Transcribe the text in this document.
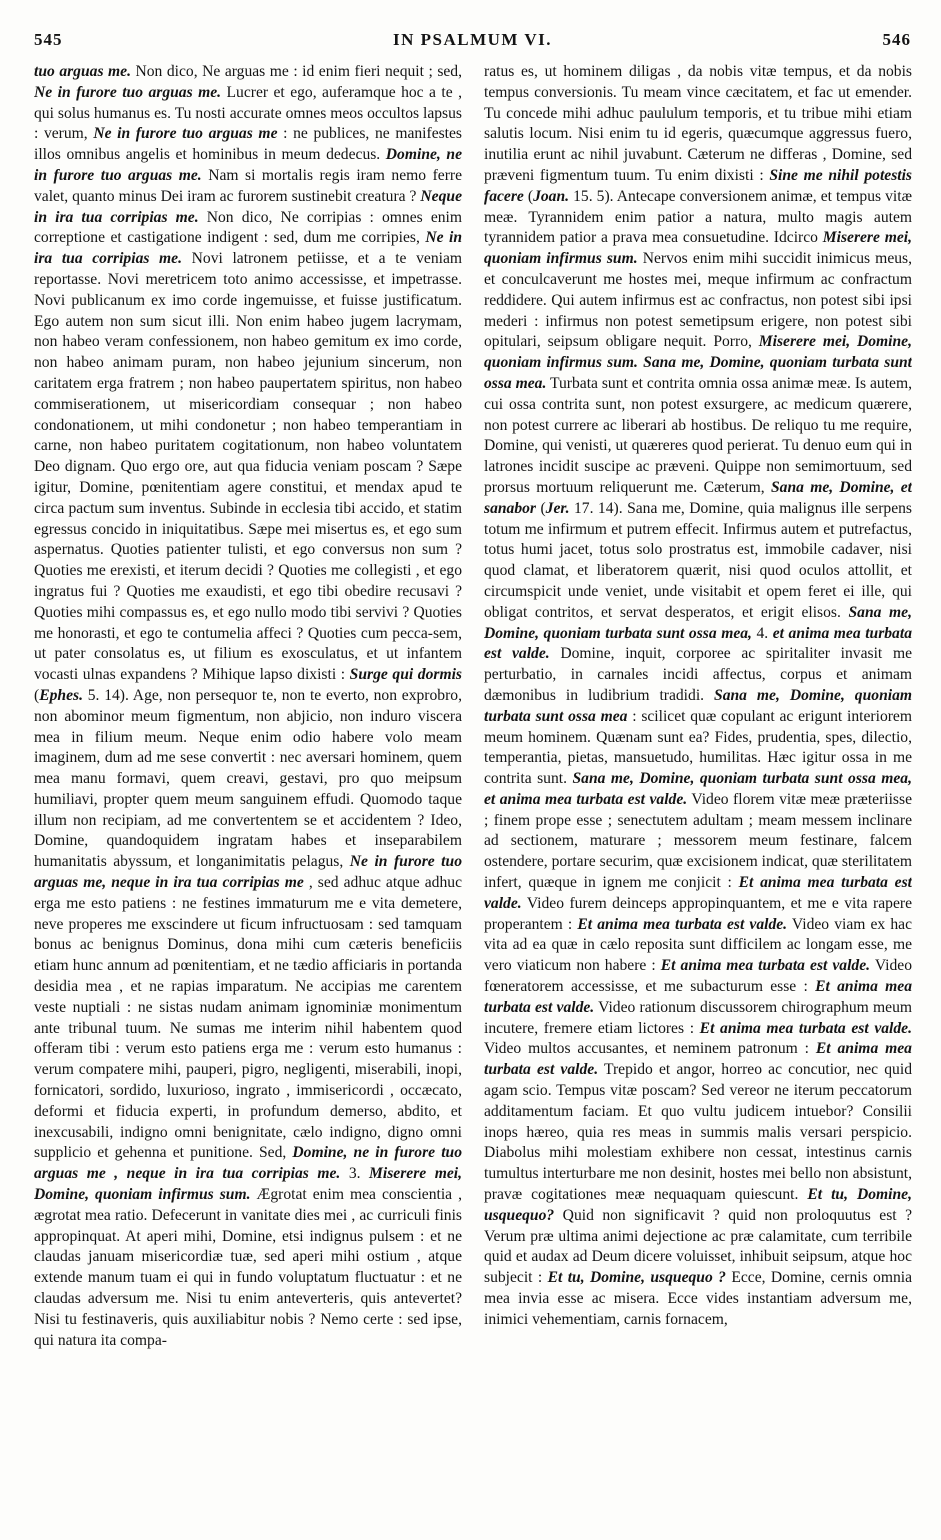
545	IN PSALMUM VI.	546

tuo arguas me. Non dico, Ne arguas me : id enim fieri nequit ; sed, Ne in furore tuo arguas me. Lucrer et ego, auferamque hoc a te , qui solus humanus es. Tu nosti accurate omnes meos occultos lapsus : verum, Ne in furore tuo arguas me : ne publices, ne manifestes illos omnibus angelis et hominibus in meum dedecus. Domine, ne in furore tuo arguas me. Nam si mortalis regis iram nemo ferre valet, quanto minus Dei iram ac furorem sustinebit creatura ? Neque in ira tua corripias me. Non dico, Ne corripias : omnes enim correptione et castigatione indigent : sed, dum me corripies, Ne in ira tua corripias me. Novi latronem petiisse, et a te veniam reportasse. Novi meretricem toto animo accessisse, et impetrasse. Novi publicanum ex imo corde ingemuisse, et fuisse justificatum. Ego autem non sum sicut illi. Non enim habeo jugem lacrymam, non habeo veram confessionem, non habeo gemitum ex imo corde, non habeo animam puram, non habeo jejunium sincerum, non caritatem erga fratrem ; non habeo paupertatem spiritus, non habeo commiserationem, ut misericordiam consequar ; non habeo condonationem, ut mihi condonetur ; non habeo temperantiam in carne, non habeo puritatem cogitationum, non habeo voluntatem Deo dignam. Quo ergo ore, aut qua fiducia veniam poscam ? Sæpe igitur, Domine, pœnitentiam agere constitui, et mendax apud te circa pactum sum inventus. Subinde in ecclesia tibi accido, et statim egressus concido in iniquitatibus. Sæpe mei misertus es, et ego sum aspernatus. Quoties patienter tulisti, et ego conversus non sum ? Quoties me erexisti, et iterum decidi ? Quoties me collegisti , et ego ingratus fui ? Quoties me exaudisti, et ego tibi obedire recusavi ? Quoties mihi compassus es, et ego nullo modo tibi servivi ? Quoties me honorasti, et ego te contumelia affeci ? Quoties cum pecca-sem, ut pater consolatus es, ut filium es exosculatus, et ut infantem vocasti ulnas expandens ? Mihique lapso dixisti : Surge qui dormis (Ephes. 5. 14). Age, non persequor te, non te everto, non exprobro, non abominor meum figmentum, non abjicio, non induro viscera mea in filium meum. Neque enim odio habere volo meam imaginem, dum ad me sese convertit : nec aversari hominem, quem mea manu formavi, quem creavi, gestavi, pro quo meipsum humiliavi, propter quem meum sanguinem effudi. Quomodo taque illum non recipiam, ad me convertentem se et accidentem ? Ideo, Domine, quandoquidem ingratam habes et inseparabilem humanitatis abyssum, et longanimitatis pelagus, Ne in furore tuo arguas me, neque in ira tua corripias me , sed adhuc atque adhuc erga me esto patiens : ne festines immaturum me e vita demetere, neve properes me exscindere ut ficum infructuosam : sed tamquam bonus ac benignus Dominus, dona mihi cum cæteris beneficiis etiam hunc annum ad pœnitentiam, et ne tædio afficiaris in portanda desidia mea , et ne rapias imparatum. Ne accipias me carentem veste nuptiali : ne sistas nudam animam ignominiæ monimentum ante tribunal tuum. Ne sumas me interim nihil habentem quod offeram tibi : verum esto patiens erga me : verum esto humanus : verum compatere mihi, pauperi, pigro, negligenti, miserabili, inopi, fornicatori, sordido, luxurioso, ingrato , immisericordi , occæcato, deformi et fiducia experti, in profundum demerso, abdito, et inexcusabili, indigno omni benignitate, cælo indigno, digno omni supplicio et gehenna et punitione. Sed, Domine, ne in furore tuo arguas me , neque in ira tua corripias me. 3. Miserere mei, Domine, quoniam infirmus sum. Ægrotat enim mea conscientia , ægrotat mea ratio. Defecerunt in vanitate dies mei , ac curriculi finis appropinquat. At aperi mihi, Domine, etsi indignus pulsem : et ne claudas januam misericordiæ tuæ, sed aperi mihi ostium , atque extende manum tuam ei qui in fundo voluptatum fluctuatur : et ne claudas adversum me. Nisi tu enim anteverteris, quis antevertet? Nisi tu festinaveris, quis auxiliabitur nobis ? Nemo certe : sed ipse, qui natura ita compa-

ratus es, ut hominem diligas , da nobis vitæ tempus, et da nobis tempus conversionis. Tu meam vince cæcitatem, et fac ut emender. Tu concede mihi adhuc paululum temporis, et tu tribue mihi etiam salutis locum. Nisi enim tu id egeris, quæcumque aggressus fuero, inutilia erunt ac nihil juvabunt. Cæterum ne differas , Domine, sed præveni figmentum tuum. Tu enim dixisti : Sine me nihil potestis facere (Joan. 15. 5). Antecape conversionem animæ, et tempus vitæ meæ. Tyrannidem enim patior a natura, multo magis autem tyrannidem patior a prava mea consuetudine. Idcirco Miserere mei, quoniam infirmus sum. Nervos enim mihi succidit inimicus meus, et conculcaverunt me hostes mei, meque infirmum ac confractum reddidere. Qui autem infirmus est ac confractus, non potest sibi ipsi mederi : infirmus non potest semetipsum erigere, non potest sibi opitulari, seipsum obligare nequit. Porro, Miserere mei, Domine, quoniam infirmus sum. Sana me, Domine, quoniam turbata sunt ossa mea. Turbata sunt et contrita omnia ossa animæ meæ. Is autem, cui ossa contrita sunt, non potest exsurgere, ac medicum quærere, non potest currere ac liberari ab hostibus. De reliquo tu me require, Domine, qui venisti, ut quæreres quod perierat. Tu denuo eum qui in latrones incidit suscipe ac præveni. Quippe non semimortuum, sed prorsus mortuum reliquerunt me. Cæterum, Sana me, Domine, et sanabor (Jer. 17. 14). Sana me, Domine, quia malignus ille serpens totum me infirmum et putrem effecit. Infirmus autem et putrefactus, totus humi jacet, totus solo prostratus est, immobile cadaver, nisi quod clamat, et liberatorem quærit, nisi quod oculos attollit, et circumspicit unde veniet, unde visitabit et opem feret ei ille, qui obligat contritos, et servat desperatos, et erigit elisos. Sana me, Domine, quoniam turbata sunt ossa mea, 4. et anima mea turbata est valde. Domine, inquit, corporee ac spiritaliter invasit me perturbatio, in carnales incidi affectus, corpus et animam dæmonibus in ludibrium tradidi. Sana me, Domine, quoniam turbata sunt ossa mea : scilicet quæ copulant ac erigunt interiorem meum hominem. Quænam sunt ea? Fides, prudentia, spes, dilectio, temperantia, pietas, mansuetudo, humilitas. Hæc igitur ossa in me contrita sunt. Sana me, Domine, quoniam turbata sunt ossa mea, et anima mea turbata est valde. Video florem vitæ meæ præteriisse ; finem prope esse ; senectutem adultam ; meam messem inclinare ad sectionem, maturare ; messorem meum festinare, falcem ostendere, portare securim, quæ excisionem indicat, quæ sterilitatem infert, quæque in ignem me conjicit : Et anima mea turbata est valde. Video furem deinceps appropinquantem, et me e vita rapere properantem : Et anima mea turbata est valde. Video viam ex hac vita ad ea quæ in cælo reposita sunt difficilem ac longam esse, me vero viaticum non habere : Et anima mea turbata est valde. Video fœneratorem accessisse, et me subacturum esse : Et anima mea turbata est valde. Video rationum discussorem chirographum meum incutere, fremere etiam lictores : Et anima mea turbata est valde. Video multos accusantes, et neminem patronum : Et anima mea turbata est valde. Trepido et angor, horreo ac concutior, nec quid agam scio. Tempus vitæ poscam? Sed vereor ne iterum peccatorum additamentum faciam. Et quo vultu judicem intuebor? Consilii inops hæreo, quia res meas in summis malis versari perspicio. Diabolus mihi molestiam exhibere non cessat, intestinus carnis tumultus interturbare me non desinit, hostes mei bello non absistunt, pravæ cogitationes meæ nequaquam quiescunt. Et tu, Domine, usquequo? Quid non significavit ? quid non proloquutus est ? Verum præ ultima animi dejectione ac præ calamitate, cum terribile quid et audax ad Deum dicere voluisset, inhibuit seipsum, atque hoc subjecit : Et tu, Domine, usquequo ? Ecce, Domine, cernis omnia mea invia esse ac misera. Ecce vides instantiam adversum me, inimici vehementiam, carnis fornacem,
